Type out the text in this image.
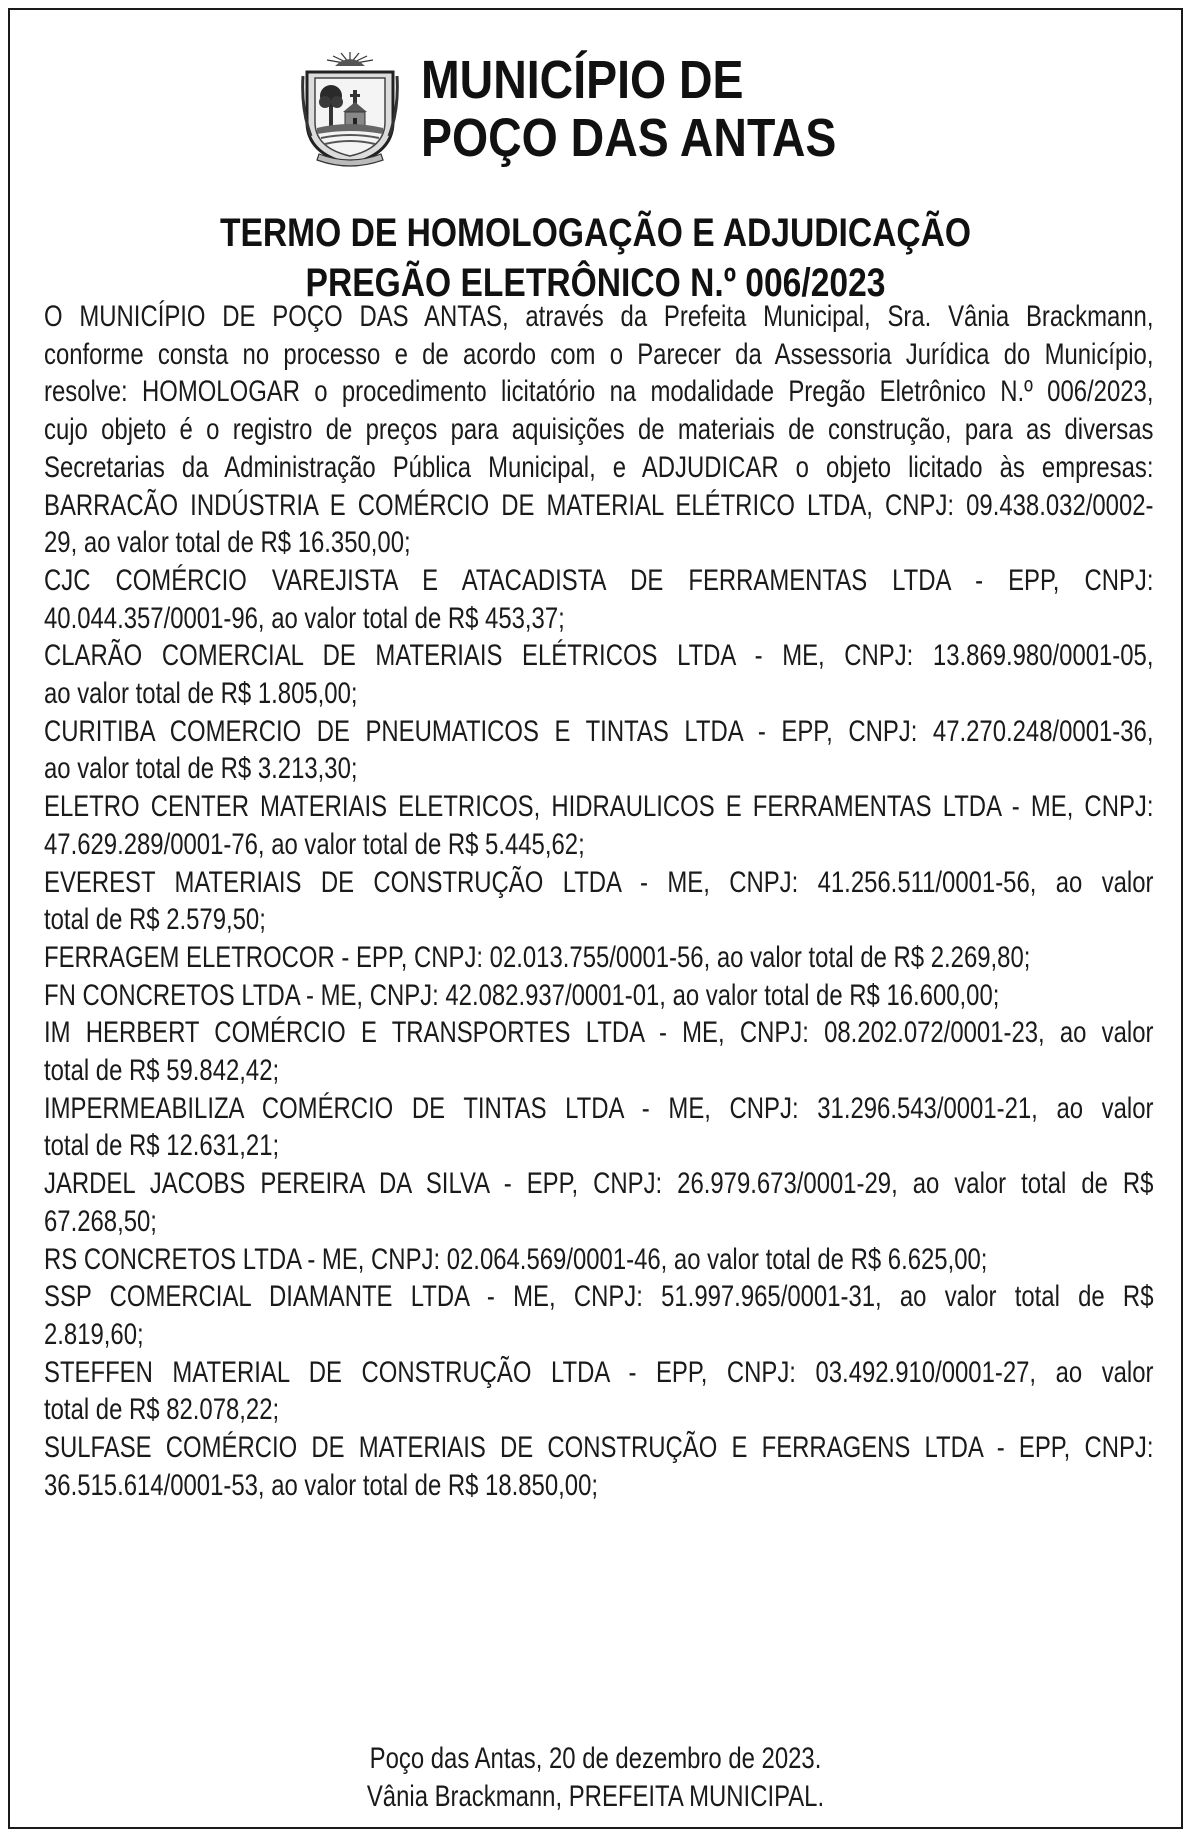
MUNICÍPIO DE
POÇO DAS ANTAS
TERMO DE HOMOLOGAÇÃO E ADJUDICAÇÃO
PREGÃO ELETRÔNICO N.º 006/2023
O MUNICÍPIO DE POÇO DAS ANTAS, através da Prefeita Municipal, Sra. Vânia Brackmann,
conforme consta no processo e de acordo com o Parecer da Assessoria Jurídica do Município,
resolve: HOMOLOGAR o procedimento licitatório na modalidade Pregão Eletrônico N.º 006/2023,
cujo objeto é o registro de preços para aquisições de materiais de construção, para as diversas
Secretarias da Administração Pública Municipal, e ADJUDICAR o objeto licitado às empresas:
BARRACÃO INDÚSTRIA E COMÉRCIO DE MATERIAL ELÉTRICO LTDA, CNPJ: 09.438.032/0002-
29, ao valor total de R$ 16.350,00;
CJC COMÉRCIO VAREJISTA E ATACADISTA DE FERRAMENTAS LTDA - EPP, CNPJ:
40.044.357/0001-96, ao valor total de R$ 453,37;
CLARÃO COMERCIAL DE MATERIAIS ELÉTRICOS LTDA - ME, CNPJ: 13.869.980/0001-05,
ao valor total de R$ 1.805,00;
CURITIBA COMERCIO DE PNEUMATICOS E TINTAS LTDA - EPP, CNPJ: 47.270.248/0001-36,
ao valor total de R$ 3.213,30;
ELETRO CENTER MATERIAIS ELETRICOS, HIDRAULICOS E FERRAMENTAS LTDA - ME, CNPJ:
47.629.289/0001-76, ao valor total de R$ 5.445,62;
EVEREST MATERIAIS DE CONSTRUÇÃO LTDA - ME, CNPJ: 41.256.511/0001-56, ao valor
total de R$ 2.579,50;
FERRAGEM ELETROCOR - EPP, CNPJ: 02.013.755/0001-56, ao valor total de R$ 2.269,80;
FN CONCRETOS LTDA - ME, CNPJ: 42.082.937/0001-01, ao valor total de R$ 16.600,00;
IM HERBERT COMÉRCIO E TRANSPORTES LTDA - ME, CNPJ: 08.202.072/0001-23, ao valor
total de R$ 59.842,42;
IMPERMEABILIZA COMÉRCIO DE TINTAS LTDA - ME, CNPJ: 31.296.543/0001-21, ao valor
total de R$ 12.631,21;
JARDEL JACOBS PEREIRA DA SILVA - EPP, CNPJ: 26.979.673/0001-29, ao valor total de R$
67.268,50;
RS CONCRETOS LTDA - ME, CNPJ: 02.064.569/0001-46, ao valor total de R$ 6.625,00;
SSP COMERCIAL DIAMANTE LTDA - ME, CNPJ: 51.997.965/0001-31, ao valor total de R$
2.819,60;
STEFFEN MATERIAL DE CONSTRUÇÃO LTDA - EPP, CNPJ: 03.492.910/0001-27, ao valor
total de R$ 82.078,22;
SULFASE COMÉRCIO DE MATERIAIS DE CONSTRUÇÃO E FERRAGENS LTDA - EPP, CNPJ:
36.515.614/0001-53, ao valor total de R$ 18.850,00;
Poço das Antas, 20 de dezembro de 2023.
Vânia Brackmann, PREFEITA MUNICIPAL.
